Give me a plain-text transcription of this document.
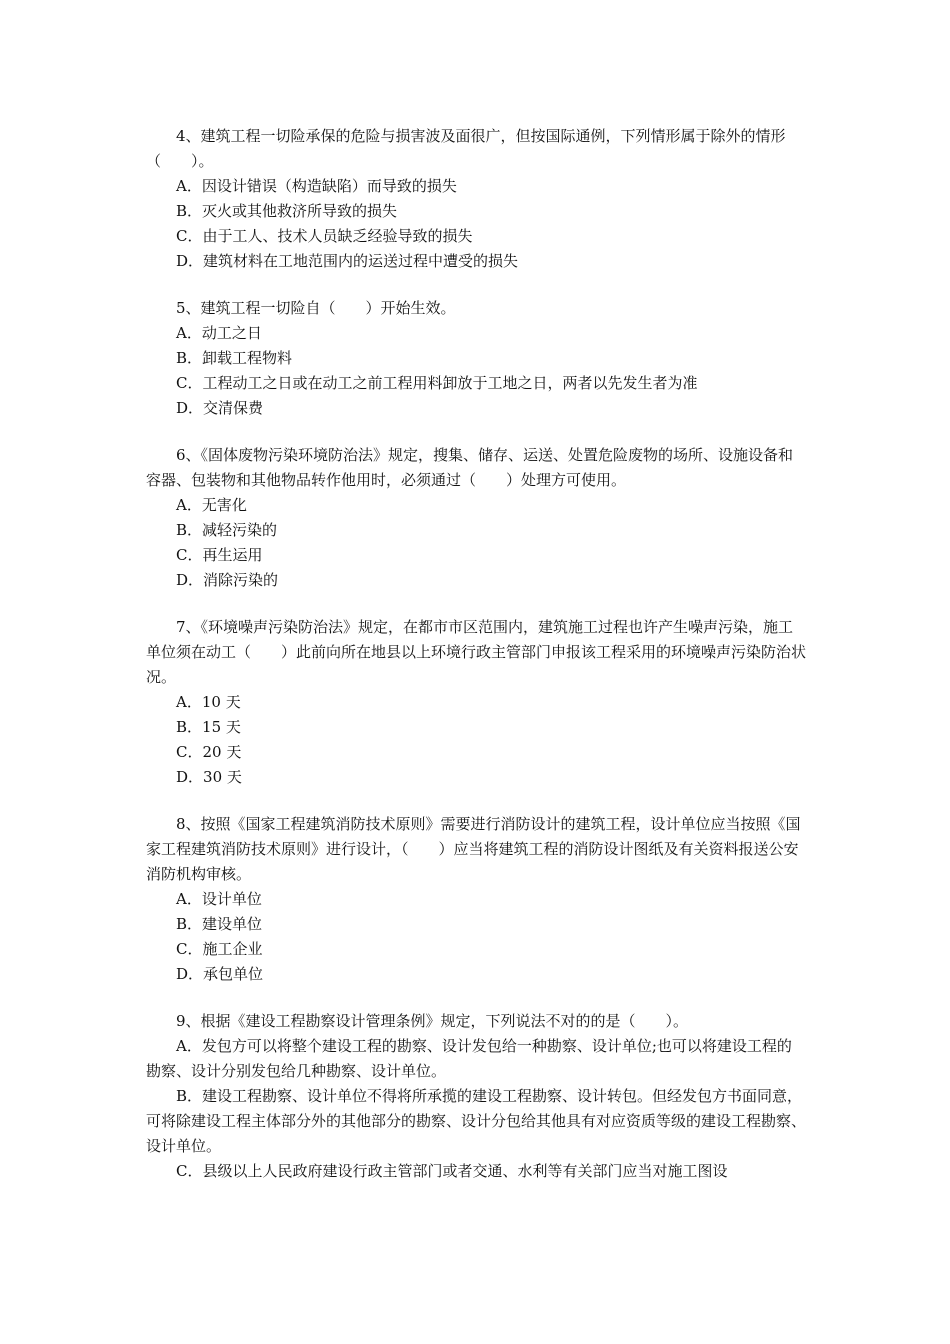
4、建筑工程一切险承保的危险与损害波及面很广，但按国际通例，下列情形属于除外的情形（　　）。

A．因设计错误（构造缺陷）而导致的损失

B．灭火或其他救济所导致的损失

C．由于工人、技术人员缺乏经验导致的损失

D．建筑材料在工地范围内的运送过程中遭受的损失

5、建筑工程一切险自（　　）开始生效。

A．动工之日

B．卸载工程物料

C．工程动工之日或在动工之前工程用料卸放于工地之日，两者以先发生者为准

D．交清保费

6、《固体废物污染环境防治法》规定，搜集、储存、运送、处置危险废物的场所、设施设备和容器、包装物和其他物品转作他用时，必须通过（　　）处理方可使用。

A．无害化

B．减轻污染的

C．再生运用

D．消除污染的

7、《环境噪声污染防治法》规定，在都市市区范围内，建筑施工过程也许产生噪声污染，施工单位须在动工（　　）此前向所在地县以上环境行政主管部门申报该工程采用的环境噪声污染防治状况。

A．10 天

B．15 天

C．20 天

D．30 天

8、按照《国家工程建筑消防技术原则》需要进行消防设计的建筑工程，设计单位应当按照《国家工程建筑消防技术原则》进行设计，（　　）应当将建筑工程的消防设计图纸及有关资料报送公安消防机构审核。

A．设计单位

B．建设单位

C．施工企业

D．承包单位

9、根据《建设工程勘察设计管理条例》规定，下列说法不对的的是（　　）。

A．发包方可以将整个建设工程的勘察、设计发包给一种勘察、设计单位;也可以将建设工程的勘察、设计分别发包给几种勘察、设计单位。

B．建设工程勘察、设计单位不得将所承揽的建设工程勘察、设计转包。但经发包方书面同意，可将除建设工程主体部分外的其他部分的勘察、设计分包给其他具有对应资质等级的建设工程勘察、设计单位。

C．县级以上人民政府建设行政主管部门或者交通、水利等有关部门应当对施工图设
